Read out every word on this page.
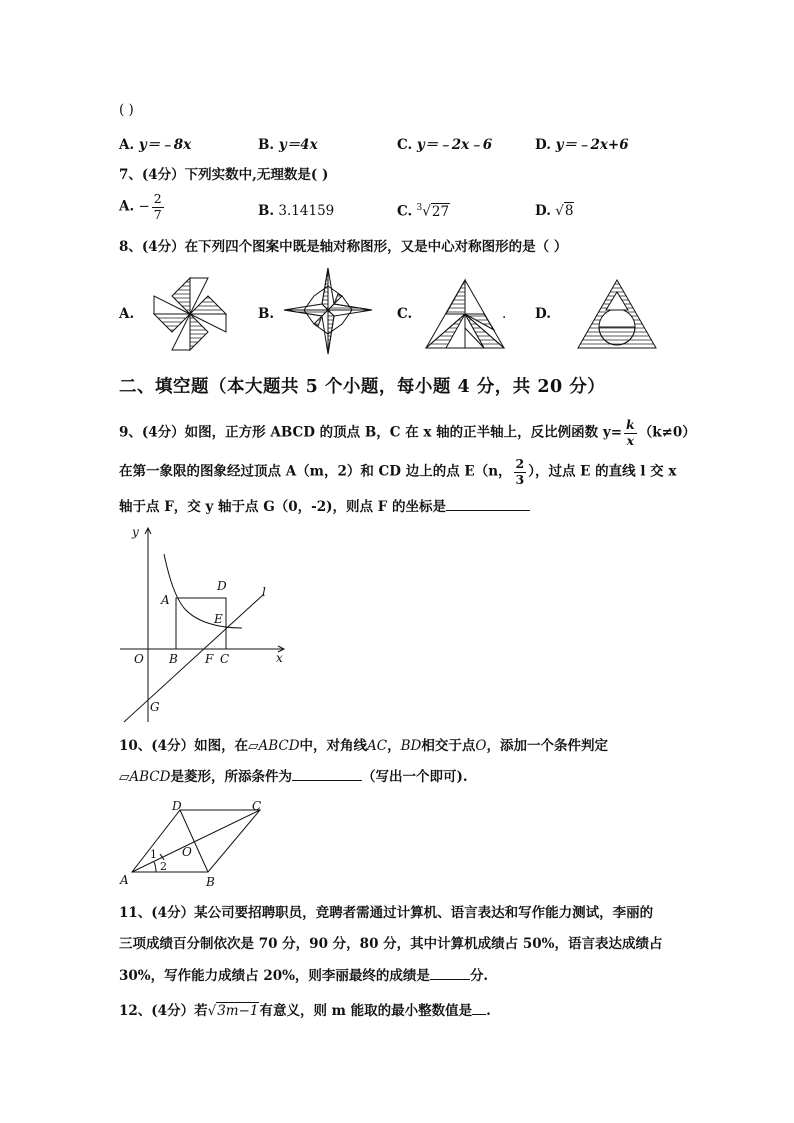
( )
A. y＝﹣8x	B. y＝4x	C. y＝﹣2x﹣6	D. y＝﹣2x+6
7、(4分）下列实数中,无理数是( )
A. − $\frac{2}{7}$	B. 3.14159	C. $^3$√27	D. √8
8、(4分）在下列四个图案中既是轴对称图形，又是中心对称图形的是（ ）
A.	B.	C.	. D.
二、填空题（本大题共 5 个小题，每小题 4 分，共 20 分）
9、(4分）如图，正方形 ABCD 的顶点 B，C 在 x 轴的正半轴上，反比例函数 $y= \frac{k}{x} (k\ne 0)$
在第一象限的图象经过顶点 A（m，2）和 CD 边上的点 E（n， $\frac{2}{3}$ ），过点 E 的直线 l 交 x
轴于点 F，交 y 轴于点 G（0，-2)，则点 F 的坐标是
y
x
O
A
B	C
D
E
F
G
l
10、(4分）如图，在▱ABCD中，对角线AC，BD相交于点O，添加一个条件判定
▱ABCD是菱形，所添条件为	（写出一个即可).
A	B
C
D
O
1
2
11、(4分）某公司要招聘职员，竞聘者需通过计算机、语言表达和写作能力测试，李丽的
三项成绩百分制依次是 70 分，90 分，80 分，其中计算机成绩占 50%，语言表达成绩占
30%，写作能力成绩占 20%，则李丽最终的成绩是	分.
12、(4分）若√3m−1有意义，则 m 能取的最小整数值是 .
